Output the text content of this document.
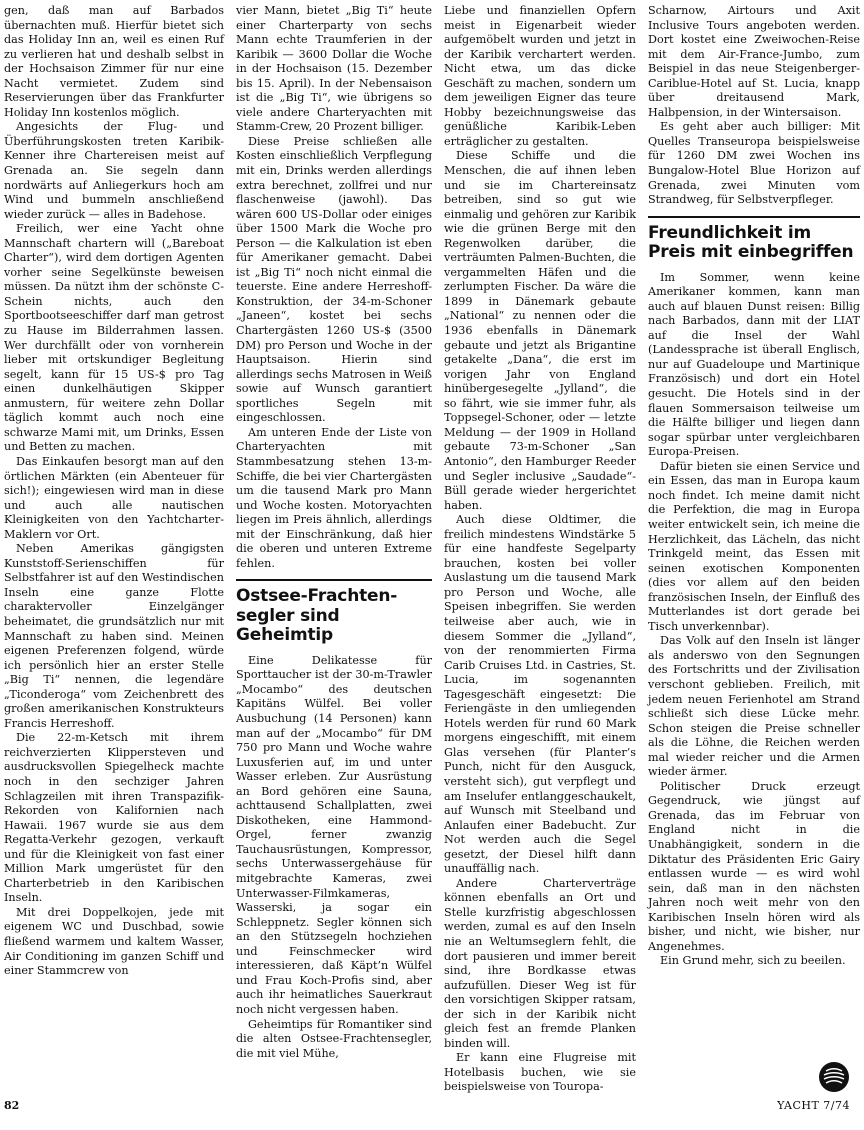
gen, daß man auf Barbados übernachten muß. Hierfür bietet sich das Holiday Inn an, weil es einen Ruf zu verlieren hat und deshalb selbst in der Hochsaison Zimmer für nur eine Nacht vermietet. Zudem sind Reservierungen über das Frankfurter Holiday Inn kostenlos möglich.

Angesichts der Flug- und Überführungskosten treten Karibik-Kenner ihre Chartereisen meist auf Grenada an. Sie segeln dann nordwärts auf Anliegerkurs hoch am Wind und bummeln anschließend wieder zurück — alles in Badehose.

Freilich, wer eine Yacht ohne Mannschaft chartern will („Bareboat Charter“), wird dem dortigen Agenten vorher seine Segelkünste beweisen müssen. Da nützt ihm der schönste C-Schein nichts, auch den Sportbootseeschiffer darf man getrost zu Hause im Bilderrahmen lassen. Wer durchfällt oder von vornherein lieber mit ortskundiger Begleitung segelt, kann für 15 US-$ pro Tag einen dunkelhäutigen Skipper anmustern, für weitere zehn Dollar täglich kommt auch noch eine schwarze Mami mit, um Drinks, Essen und Betten zu machen.

Das Einkaufen besorgt man auf den örtlichen Märkten (ein Abenteuer für sich!); eingewiesen wird man in diese und auch alle nautischen Kleinigkeiten von den Yachtcharter-Maklern vor Ort.

Neben Amerikas gängigsten Kunststoff-Serienschiffen für Selbstfahrer ist auf den Westindischen Inseln eine ganze Flotte charaktervoller Einzelgänger beheimatet, die grundsätzlich nur mit Mannschaft zu haben sind. Meinen eigenen Preferenzen folgend, würde ich persönlich hier an erster Stelle „Big Ti“ nennen, die legendäre „Ticonderoga“ vom Zeichenbrett des großen amerikanischen Konstrukteurs Francis Herreshoff.

Die 22-m-Ketsch mit ihrem reichverzierten Klippersteven und ausdrucksvollen Spiegelheck machte noch in den sechziger Jahren Schlagzeilen mit ihren Transpazifik-Rekorden von Kalifornien nach Hawaii. 1967 wurde sie aus dem Regatta-Verkehr gezogen, verkauft und für die Kleinigkeit von fast einer Million Mark umgerüstet für den Charterbetrieb in den Karibischen Inseln.

Mit drei Doppelkojen, jede mit eigenem WC und Duschbad, sowie fließend warmem und kaltem Wasser, Air Conditioning im ganzen Schiff und einer Stammcrew von

vier Mann, bietet „Big Ti“ heute einer Charterparty von sechs Mann echte Traumferien in der Karibik — 3600 Dollar die Woche in der Hochsaison (15. Dezember bis 15. April). In der Nebensaison ist die „Big Ti“, wie übrigens so viele andere Charteryachten mit Stamm-Crew, 20 Prozent billiger.

Diese Preise schließen alle Kosten einschließlich Verpflegung mit ein, Drinks werden allerdings extra berechnet, zollfrei und nur flaschenweise (jawohl). Das wären 600 US-Dollar oder einiges über 1500 Mark die Woche pro Person — die Kalkulation ist eben für Amerikaner gemacht. Dabei ist „Big Ti“ noch nicht einmal die teuerste. Eine andere Herreshoff-Konstruktion, der 34-m-Schoner „Janeen“, kostet bei sechs Chartergästen 1260 US-$ (3500 DM) pro Person und Woche in der Hauptsaison. Hierin sind allerdings sechs Matrosen in Weiß sowie auf Wunsch garantiert sportliches Segeln mit eingeschlossen.

Am unteren Ende der Liste von Charteryachten mit Stammbesatzung stehen 13-m-Schiffe, die bei vier Chartergästen um die tausend Mark pro Mann und Woche kosten. Motoryachten liegen im Preis ähnlich, allerdings mit der Einschränkung, daß hier die oberen und unteren Extreme fehlen.

Ostsee-Frachten-segler sind Geheimtip

Eine Delikatesse für Sporttaucher ist der 30-m-Trawler „Mocambo“ des deutschen Kapitäns Wülfel. Bei voller Ausbuchung (14 Personen) kann man auf der „Mocambo“ für DM 750 pro Mann und Woche wahre Luxusferien auf, im und unter Wasser erleben. Zur Ausrüstung an Bord gehören eine Sauna, achttausend Schallplatten, zwei Diskotheken, eine Hammond-Orgel, ferner zwanzig Tauchausrüstungen, Kompressor, sechs Unterwassergehäuse für mitgebrachte Kameras, zwei Unterwasser-Filmkameras, Wasserski, ja sogar ein Schleppnetz. Segler können sich an den Stützsegeln hochziehen und Feinschmecker wird interessieren, daß Käpt’n Wülfel und Frau Koch-Profis sind, aber auch ihr heimatliches Sauerkraut noch nicht vergessen haben.

Geheimtips für Romantiker sind die alten Ostsee-Frachtensegler, die mit viel Mühe,

Liebe und finanziellen Opfern meist in Eigenarbeit wieder aufgemöbelt wurden und jetzt in der Karibik verchartert werden. Nicht etwa, um das dicke Geschäft zu machen, sondern um dem jeweiligen Eigner das teure Hobby bezeichnungsweise das genüßliche Karibik-Leben erträglicher zu gestalten.

Diese Schiffe und die Menschen, die auf ihnen leben und sie im Chartereinsatz betreiben, sind so gut wie einmalig und gehören zur Karibik wie die grünen Berge mit den Regenwolken darüber, die verträumten Palmen-Buchten, die vergammelten Häfen und die zerlumpten Fischer. Da wäre die 1899 in Dänemark gebaute „National“ zu nennen oder die 1936 ebenfalls in Dänemark gebaute und jetzt als Brigantine getakelte „Dana“, die erst im vorigen Jahr von England hinübergesegelte „Jylland“, die so fährt, wie sie immer fuhr, als Toppsegel-Schoner, oder — letzte Meldung — der 1909 in Holland gebaute 73-m-Schoner „San Antonio“, den Hamburger Reeder und Segler inclusive „Saudade“-Büll gerade wieder hergerichtet haben.

Auch diese Oldtimer, die freilich mindestens Windstärke 5 für eine handfeste Segelparty brauchen, kosten bei voller Auslastung um die tausend Mark pro Person und Woche, alle Speisen inbegriffen. Sie werden teilweise aber auch, wie in diesem Sommer die „Jylland“, von der renommierten Firma Carib Cruises Ltd. in Castries, St. Lucia, im sogenannten Tagesgeschäft eingesetzt: Die Feriengäste in den umliegenden Hotels werden für rund 60 Mark morgens eingeschifft, mit einem Glas versehen (für Planter’s Punch, nicht für den Ausguck, versteht sich), gut verpflegt und am Inselufer entlanggeschaukelt, auf Wunsch mit Steelband und Anlaufen einer Badebucht. Zur Not werden auch die Segel gesetzt, der Diesel hilft dann unauffällig nach.

Andere Charterverträge können ebenfalls an Ort und Stelle kurzfristig abgeschlossen werden, zumal es auf den Inseln nie an Weltumseglern fehlt, die dort pausieren und immer bereit sind, ihre Bordkasse etwas aufzufüllen. Dieser Weg ist für den vorsichtigen Skipper ratsam, der sich in der Karibik nicht gleich fest an fremde Planken binden will.

Er kann eine Flugreise mit Hotelbasis buchen, wie sie beispielsweise von Touropa-

Scharnow, Airtours und Axit Inclusive Tours angeboten werden. Dort kostet eine Zweiwochen-Reise mit dem Air-France-Jumbo, zum Beispiel in das neue Steigenberger-Cariblue-Hotel auf St. Lucia, knapp über dreitausend Mark, Halbpension, in der Wintersaison.

Es geht aber auch billiger: Mit Quelles Transeuropa beispielsweise für 1260 DM zwei Wochen ins Bungalow-Hotel Blue Horizon auf Grenada, zwei Minuten vom Strandweg, für Selbstverpfleger.

Freundlichkeit im Preis mit einbegriffen

Im Sommer, wenn keine Amerikaner kommen, kann man auch auf blauen Dunst reisen: Billig nach Barbados, dann mit der LIAT auf die Insel der Wahl (Landessprache ist überall Englisch, nur auf Guadeloupe und Martinique Französisch) und dort ein Hotel gesucht. Die Hotels sind in der flauen Sommersaison teilweise um die Hälfte billiger und liegen dann sogar spürbar unter vergleichbaren Europa-Preisen.

Dafür bieten sie einen Service und ein Essen, das man in Europa kaum noch findet. Ich meine damit nicht die Perfektion, die mag in Europa weiter entwickelt sein, ich meine die Herzlichkeit, das Lächeln, das nicht Trinkgeld meint, das Essen mit seinen exotischen Komponenten (dies vor allem auf den beiden französischen Inseln, der Einfluß des Mutterlandes ist dort gerade bei Tisch unverkennbar).

Das Volk auf den Inseln ist länger als anderswo von den Segnungen des Fortschritts und der Zivilisation verschont geblieben. Freilich, mit jedem neuen Ferienhotel am Strand schließt sich diese Lücke mehr. Schon steigen die Preise schneller als die Löhne, die Reichen werden mal wieder reicher und die Armen wieder ärmer.

Politischer Druck erzeugt Gegendruck, wie jüngst auf Grenada, das im Februar von England nicht in die Unabhängigkeit, sondern in die Diktatur des Präsidenten Eric Gairy entlassen wurde — es wird wohl sein, daß man in den nächsten Jahren noch weit mehr von den Karibischen Inseln hören wird als bisher, und nicht, wie bisher, nur Angenehmes.

Ein Grund mehr, sich zu beeilen.

82	YACHT 7/74
